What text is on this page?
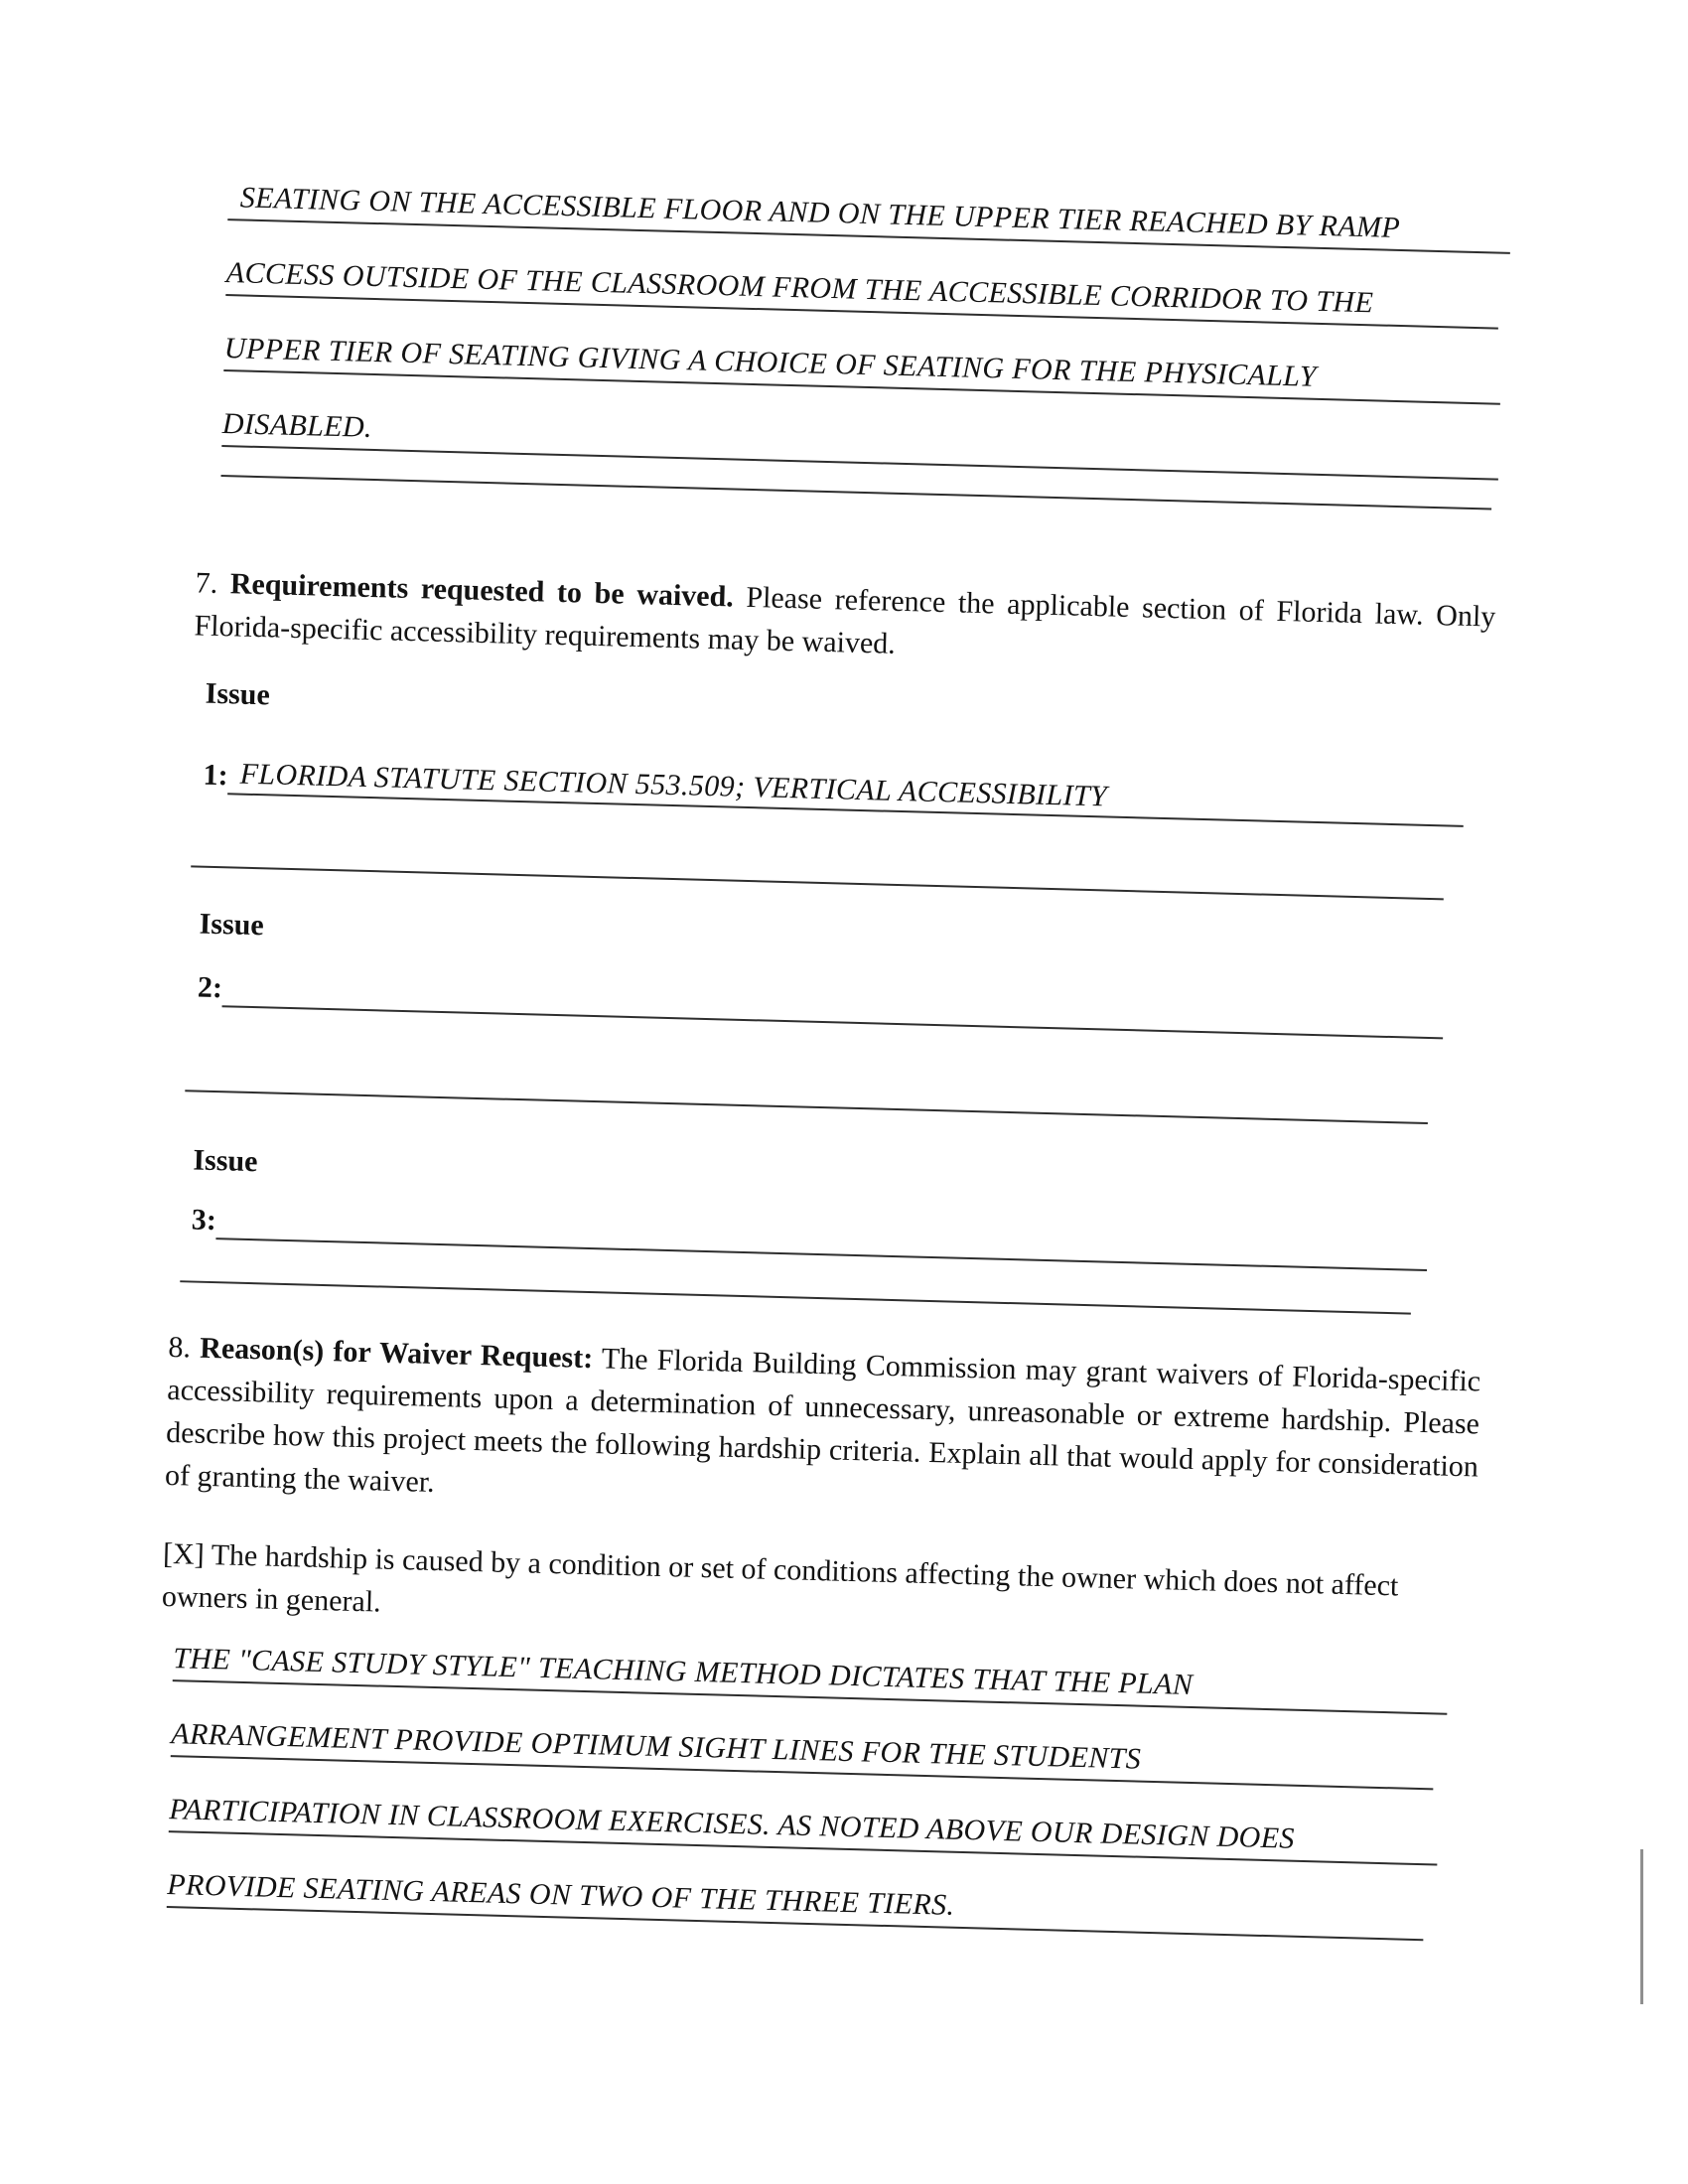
SEATING ON THE ACCESSIBLE FLOOR AND ON THE UPPER TIER REACHED BY RAMP
ACCESS OUTSIDE OF THE CLASSROOM FROM THE ACCESSIBLE CORRIDOR TO THE
UPPER TIER OF SEATING GIVING A CHOICE OF SEATING FOR THE PHYSICALLY
DISABLED.
7. Requirements requested to be waived. Please reference the applicable section of Florida law. Only Florida-specific accessibility requirements may be waived.
Issue
1: FLORIDA STATUTE SECTION 553.509; VERTICAL ACCESSIBILITY
Issue
2:
Issue
3:
8. Reason(s) for Waiver Request: The Florida Building Commission may grant waivers of Florida-specific accessibility requirements upon a determination of unnecessary, unreasonable or extreme hardship. Please describe how this project meets the following hardship criteria. Explain all that would apply for consideration of granting the waiver.
[X] The hardship is caused by a condition or set of conditions affecting the owner which does not affect owners in general.
THE "CASE STUDY STYLE" TEACHING METHOD DICTATES THAT THE PLAN
ARRANGEMENT PROVIDE OPTIMUM SIGHT LINES FOR THE STUDENTS
PARTICIPATION IN CLASSROOM EXERCISES. AS NOTED ABOVE OUR DESIGN DOES
PROVIDE SEATING AREAS ON TWO OF THE THREE TIERS.
